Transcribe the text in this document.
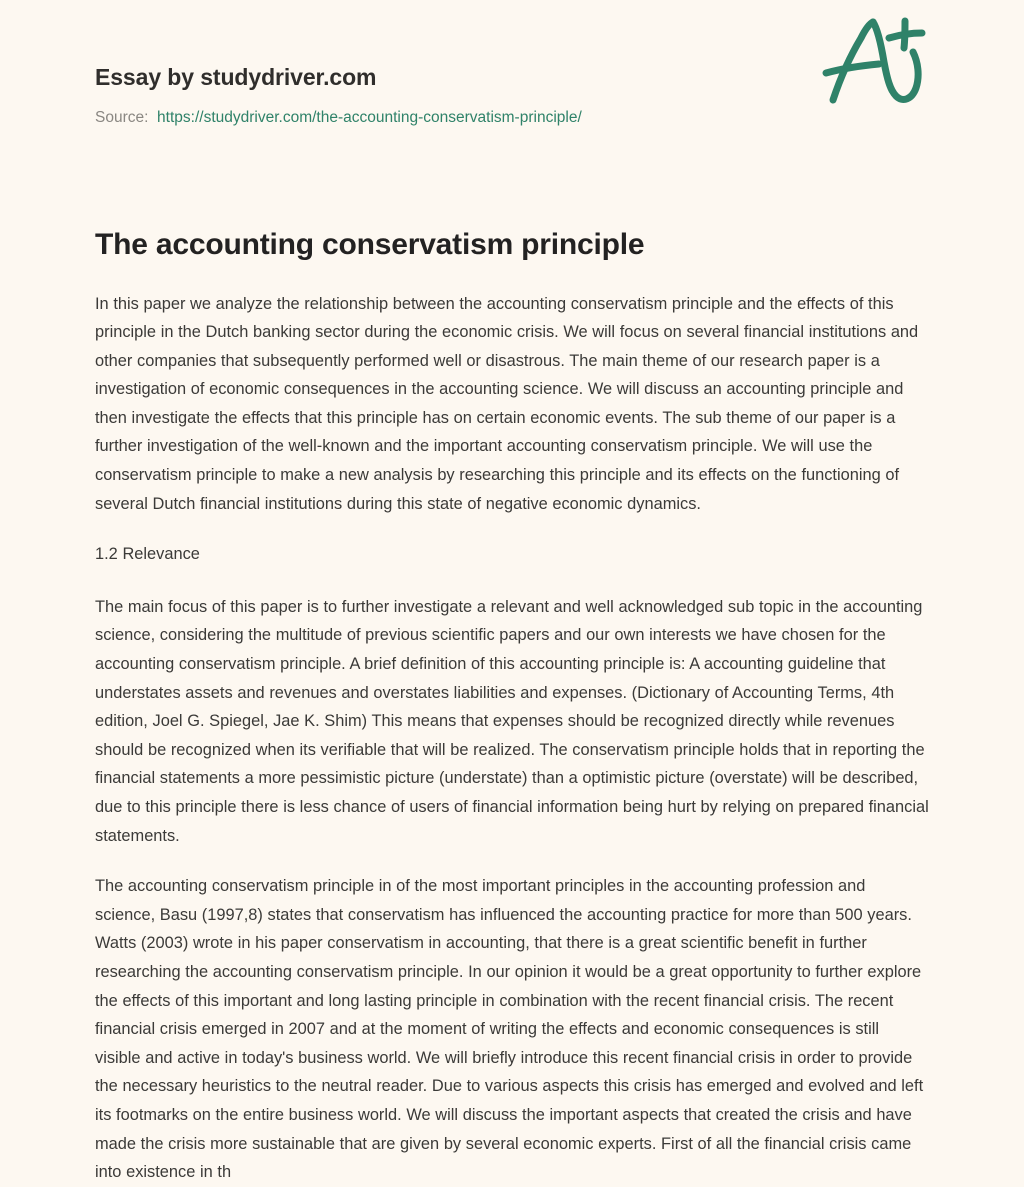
Essay by studydriver.com
Source: https://studydriver.com/the-accounting-conservatism-principle/
The accounting conservatism principle

In this paper we analyze the relationship between the accounting conservatism principle and the effects of this principle in the Dutch banking sector during the economic crisis. We will focus on several financial institutions and other companies that subsequently performed well or disastrous. The main theme of our research paper is a investigation of economic consequences in the accounting science. We will discuss an accounting principle and then investigate the effects that this principle has on certain economic events. The sub theme of our paper is a further investigation of the well-known and the important accounting conservatism principle. We will use the conservatism principle to make a new analysis by researching this principle and its effects on the functioning of several Dutch financial institutions during this state of negative economic dynamics.

1.2 Relevance

The main focus of this paper is to further investigate a relevant and well acknowledged sub topic in the accounting science, considering the multitude of previous scientific papers and our own interests we have chosen for the accounting conservatism principle. A brief definition of this accounting principle is: A accounting guideline that understates assets and revenues and overstates liabilities and expenses. (Dictionary of Accounting Terms, 4th edition, Joel G. Spiegel, Jae K. Shim) This means that expenses should be recognized directly while revenues should be recognized when its verifiable that will be realized. The conservatism principle holds that in reporting the financial statements a more pessimistic picture (understate) than a optimistic picture (overstate) will be described, due to this principle there is less chance of users of financial information being hurt by relying on prepared financial statements.

The accounting conservatism principle in of the most important principles in the accounting profession and science, Basu (1997,8) states that conservatism has influenced the accounting practice for more than 500 years. Watts (2003) wrote in his paper conservatism in accounting, that there is a great scientific benefit in further researching the accounting conservatism principle. In our opinion it would be a great opportunity to further explore the effects of this important and long lasting principle in combination with the recent financial crisis. The recent financial crisis emerged in 2007 and at the moment of writing the effects and economic consequences is still visible and active in today's business world. We will briefly introduce this recent financial crisis in order to provide the necessary heuristics to the neutral reader. Due to various aspects this crisis has emerged and evolved and left its footmarks on the entire business world. We will discuss the important aspects that created the crisis and have made the crisis more sustainable that are given by several economic experts. First of all the financial crisis came into existence in th
